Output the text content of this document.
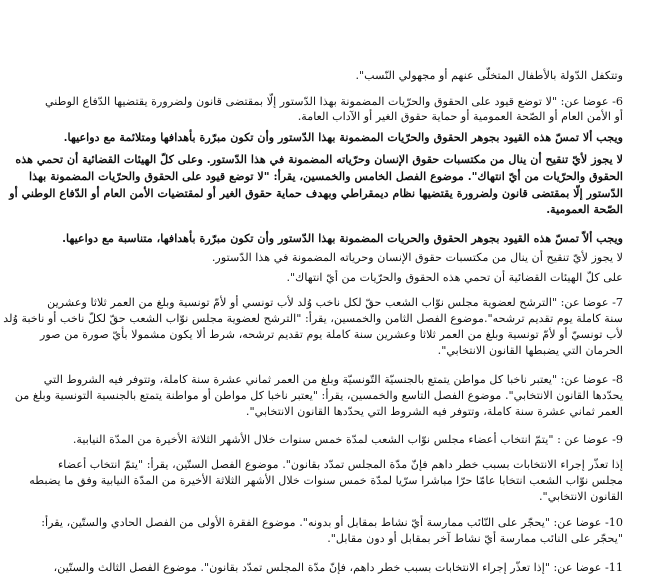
وتتكفل الدّولة بالأطفال المتخلّى عنهم أو مجهولي النّسب".
6- عوضا عن: "لا توضع قيود على الحقوق والحرّيات المضمونة بهذا الدّستور إلّا بمقتضى قانون ولضرورة يقتضيها الدّفاع الوطني
أو الأمن العام أو الصّحة العمومية أو حماية حقوق الغير أو الآداب العامة.
ويجب ألا تمسّ هذه القيود بجوهر الحقوق والحرّيات المضمونة بهذا الدّستور وأن تكون مبرّرة بأهدافها ومتلائمة مع دواعيها.
لا يجوز لأيّ تنقيح أن ينال من مكتسبات حقوق الإنسان وحرّياته المضمونة في هذا الدّستور. وعلى كلّ الهيئات القضائية أن تحمي هذه
الحقوق والحرّيات من أيّ انتهاك". موضوع الفصل الخامس والخمسين، يقرأ: "لا توضع قيود على الحقوق والحرّيات المضمونة بهذا
الدّستور إلّا بمقتضى قانون ولضرورة يقتضيها نظام ديمقراطي وبهدف حماية حقوق الغير أو لمقتضيات الأمن العام أو الدّفاع الوطني أو
الصّحة العمومية.
ويجب ألاّ تمسّ هذه القيود بجوهر الحقوق والحريات المضمونة بهذا الدّستور وأن تكون مبرّرة بأهدافها، متناسبة مع دواعيها.
لا يجوز لأيّ تنقيح أن ينال من مكتسبات حقوق الإنسان وحرياته المضمونة في هذا الدّستور.
على كلّ الهيئات القضائية أن تحمي هذه الحقوق والحرّيات من أيّ انتهاك".
7- عوضا عن: "الترشح لعضوية مجلس نوّاب الشعب حقّ لكل ناخب وُلد لأب تونسي أو لأمّ تونسية وبلغ من العمر ثلاثا وعشرين
سنة كاملة يوم تقديم ترشحه".موضوع الفصل الثامن والخمسين، يقرأ: "الترشح لعضوية مجلس نوّاب الشعب حقّ لكلّ ناخب أو ناخبة وُلد
لأب تونسيّ أو لأمّ تونسية وبلغ من العمر ثلاثا وعشرين سنة كاملة يوم تقديم ترشحه، شرط ألا يكون مشمولا بأيّ صورة من صور
الحرمان التي يضبطها القانون الانتخابي".
8- عوضا عن: "يعتبر ناخبا كل مواطن يتمتع بالجنسيّة التّونسيّة وبلغ من العمر ثماني عشرة سنة كاملة، وتتوفر فيه الشروط التي
يحدّدها القانون الانتخابي". موضوع الفصل التاسع والخمسين، يقرأ: "يعتبر ناخبا كل مواطن أو مواطنة يتمتع بالجنسية التونسية وبلغ من
العمر ثماني عشرة سنة كاملة، وتتوفر فيه الشروط التي يحدّدها القانون الانتخابي".
9- عوضا عن : "يتمّ انتخاب أعضاء مجلس نوّاب الشعب لمدّة خمس سنوات خلال الأشهر الثلاثة الأخيرة من المدّة النيابية.
إذا تعذّر إجراء الانتخابات بسبب خطر داهم فإنّ مدّة المجلس تمدّد بقانون". موضوع الفصل الستّين، يقرأ: "يتمّ انتخاب أعضاء
مجلس نوّاب الشعب انتخابا عامّا حرّا مباشرا سرّيا لمدّة خمس سنوات خلال الأشهر الثلاثة الأخيرة من المدّة النيابية وفق ما يضبطه
القانون الانتخابي".
10- عوضا عن: "يحجّر على النّائب ممارسة أيّ نشاط بمقابل أو بدونه". موضوع الفقرة الأولى من الفصل الحادي والستّين، يقرأ:
"يحجّر على النائب ممارسة أيّ نشاط آخر بمقابل أو دون مقابل".
11- عوضا عن: "إذا تعذّر إجراء الانتخابات بسبب خطر داهم، فإنّ مدّة المجلس تمدّد بقانون". موضوع الفصل الثالث والستّين،
